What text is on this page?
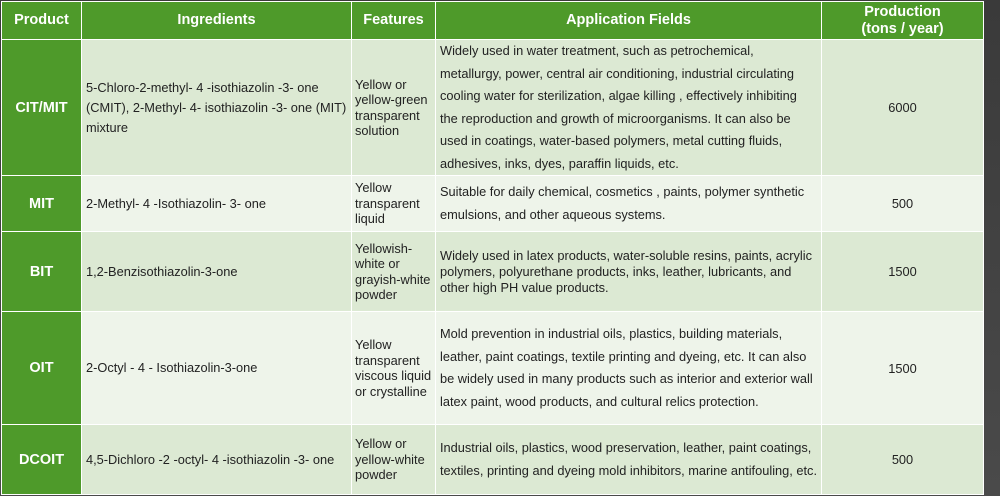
Product	Ingredients	Features	Application Fields	Production
(tons / year)

CIT/MIT	5-Chloro-2-methyl- 4 -isothiazolin -3- one (CMIT), 2-Methyl- 4- isothiazolin -3- one (MIT) mixture	Yellow or yellow-green transparent solution	Widely used in water treatment, such as petrochemical, metallurgy, power, central air conditioning, industrial circulating cooling water for sterilization, algae killing , effectively inhibiting the reproduction and growth of microorganisms. It can also be used in coatings, water-based polymers, metal cutting fluids, adhesives, inks, dyes, paraffin liquids, etc.	6000
MIT	2-Methyl- 4 -Isothiazolin- 3- one	Yellow transparent liquid	Suitable for daily chemical, cosmetics , paints, polymer synthetic emulsions, and other aqueous systems.	500
BIT	1,2-Benzisothiazolin-3-one	Yellowish-white or grayish-white powder	Widely used in latex products, water-soluble resins, paints, acrylic polymers, polyurethane products, inks, leather, lubricants, and other high PH value products.	1500
OIT	2-Octyl - 4 - Isothiazolin-3-one	Yellow transparent viscous liquid or crystalline	Mold prevention in industrial oils, plastics, building materials, leather, paint coatings, textile printing and dyeing, etc. It can also be widely used in many products such as interior and exterior wall latex paint, wood products, and cultural relics protection.	1500
DCOIT	4,5-Dichloro -2 -octyl- 4 -isothiazolin -3- one	Yellow or yellow-white powder	Industrial oils, plastics, wood preservation, leather, paint coatings, textiles, printing and dyeing mold inhibitors, marine antifouling, etc.	500
